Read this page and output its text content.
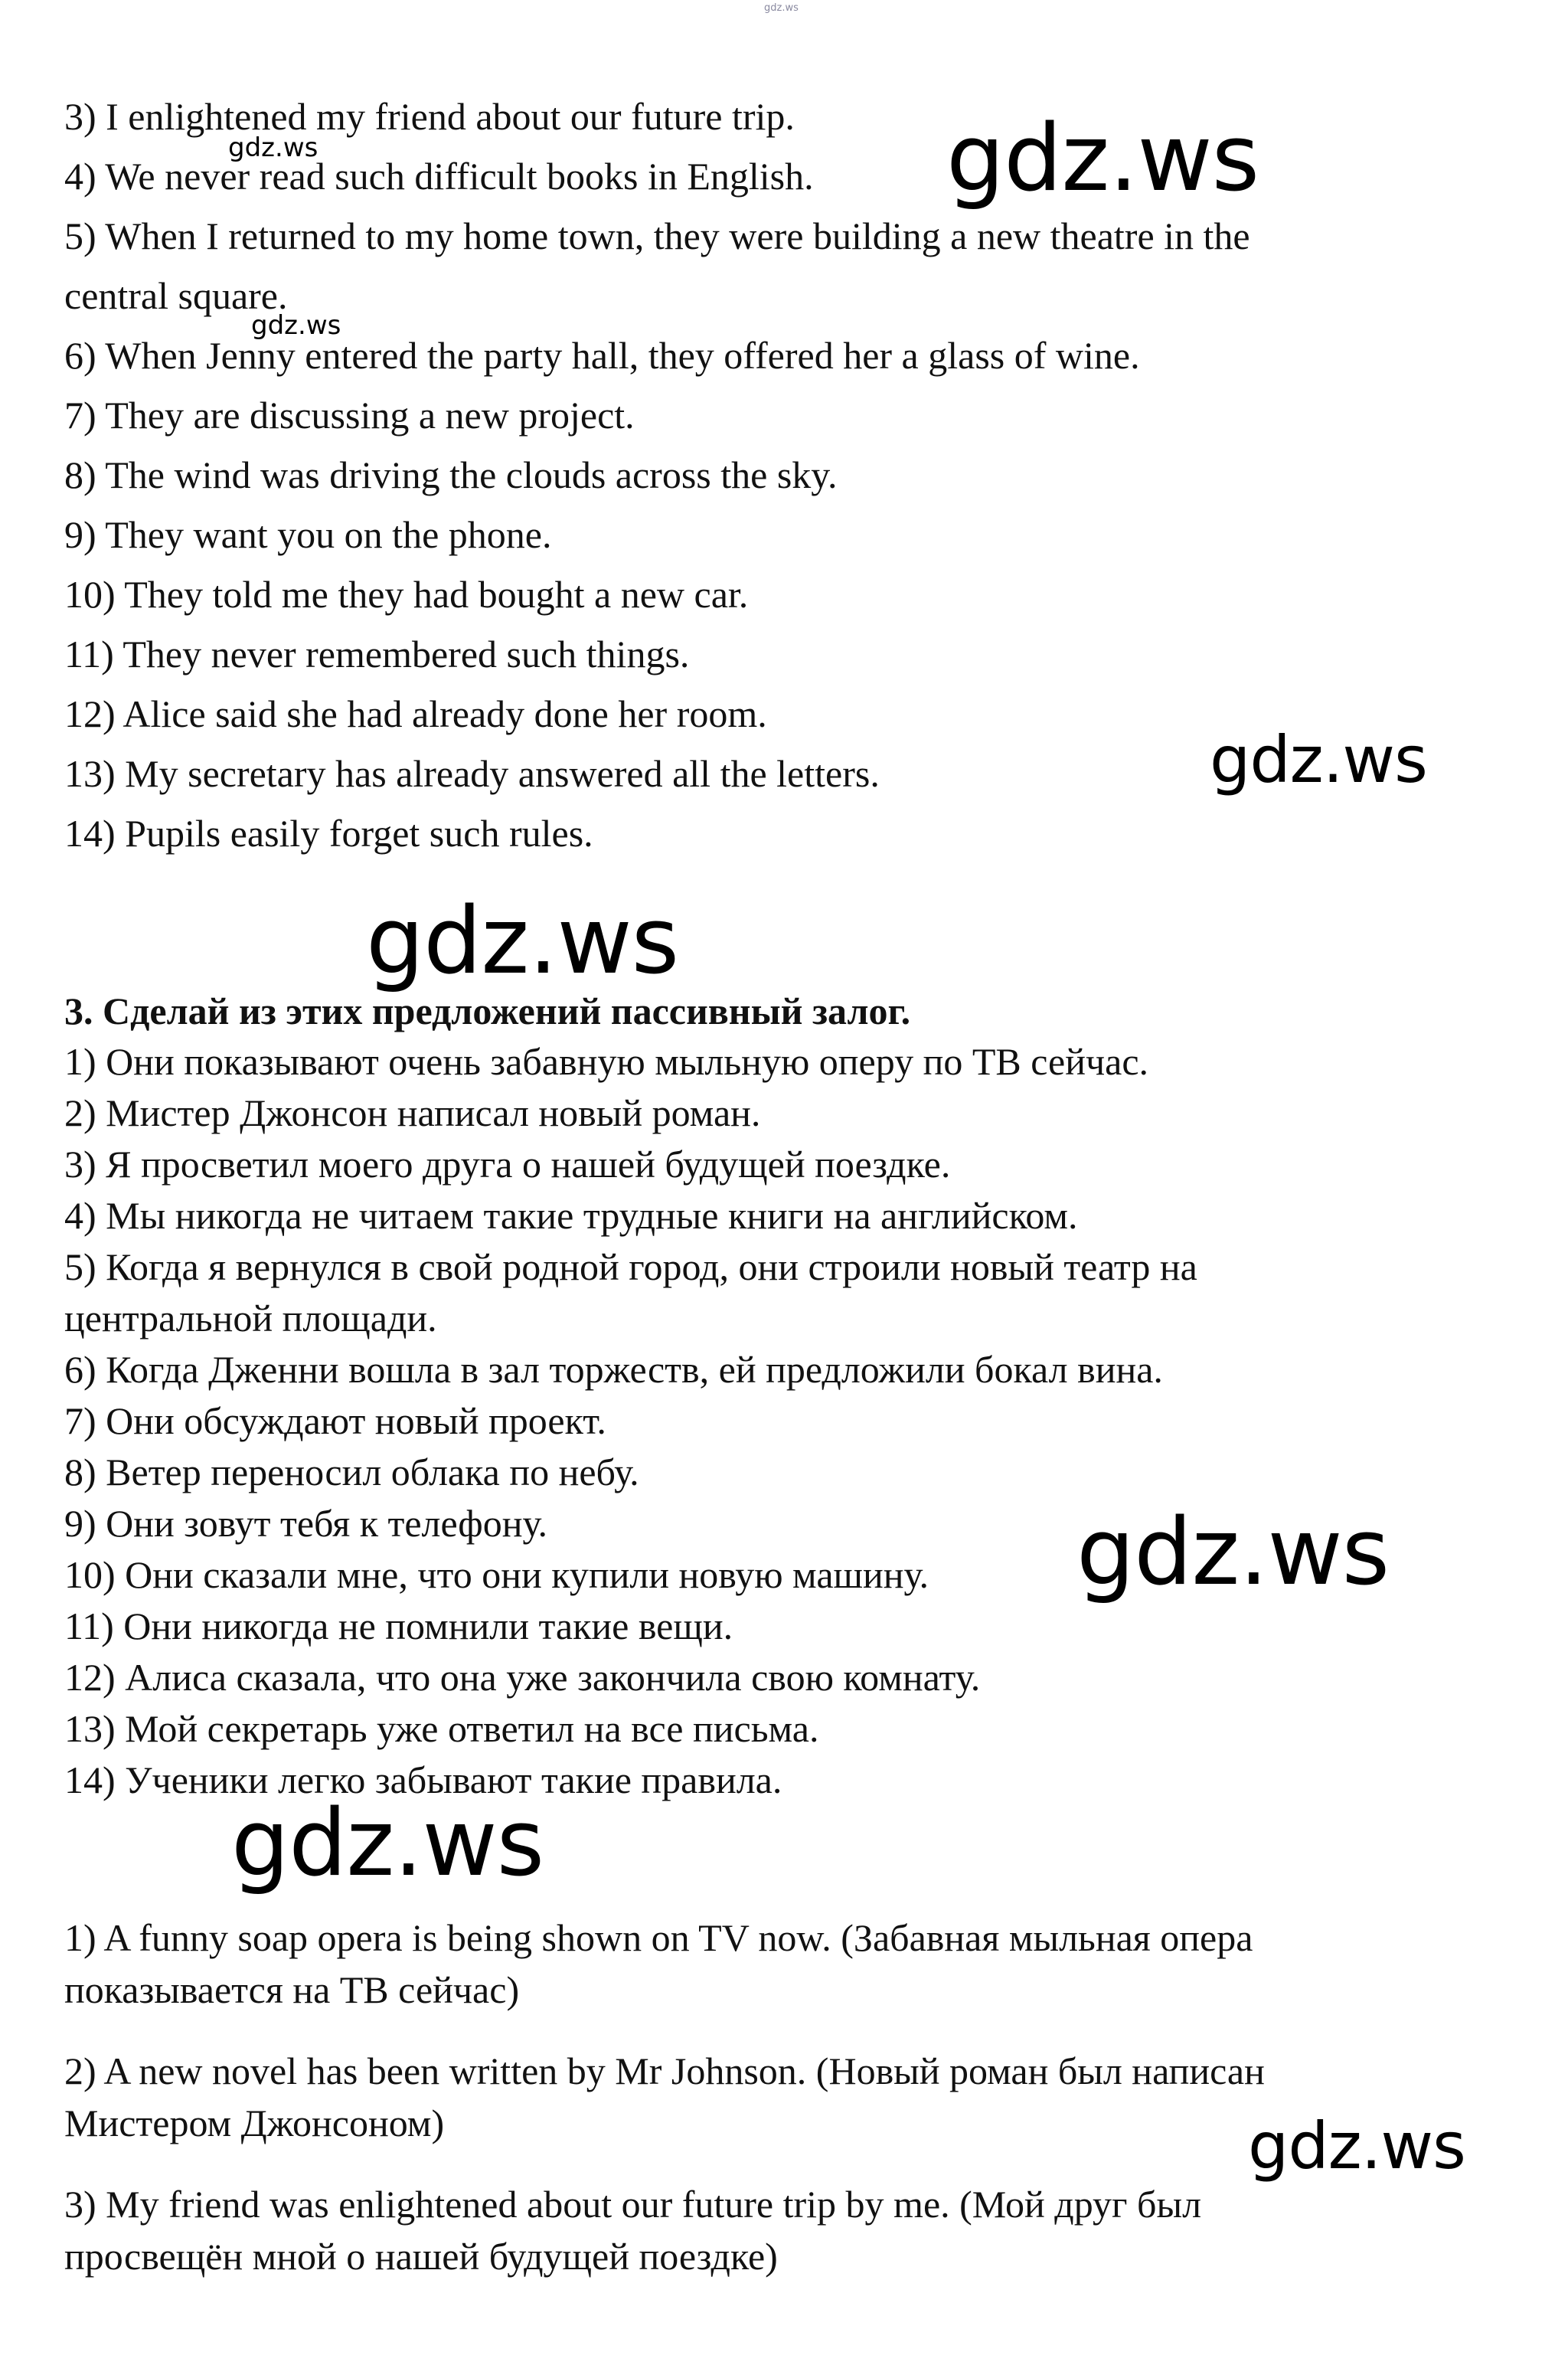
gdz.ws
3) I enlightened my friend about our future trip.
4) We never read such difficult books in English.
5) When I returned to my home town, they were building a new theatre in the
central square.
6) When Jenny entered the party hall, they offered her a glass of wine.
7) They are discussing a new project.
8) The wind was driving the clouds across the sky.
9) They want you on the phone.
10) They told me they had bought a new car.
11) They never remembered such things.
12) Alice said she had already done her room.
13) My secretary has already answered all the letters.
14) Pupils easily forget such rules.
gdz.ws	gdz.ws
gdz.ws
gdz.ws
gdz.ws
3. Сделай из этих предложений пассивный залог.
1) Они показывают очень забавную мыльную оперу по ТВ сейчас.
2) Мистер Джонсон написал новый роман.
3) Я просветил моего друга о нашей будущей поездке.
4) Мы никогда не читаем такие трудные книги на английском.
5) Когда я вернулся в свой родной город, они строили новый театр на
центральной площади.
6) Когда Дженни вошла в зал торжеств, ей предложили бокал вина.
7) Они обсуждают новый проект.
8) Ветер переносил облака по небу.
9) Они зовут тебя к телефону.
10) Они сказали мне, что они купили новую машину.
11) Они никогда не помнили такие вещи.
12) Алиса сказала, что она уже закончила свою комнату.
13) Мой секретарь уже ответил на все письма.
14) Ученики легко забывают такие правила.
gdz.ws
gdz.ws
1) A funny soap opera is being shown on TV now. (Забавная мыльная опера
показывается на ТВ сейчас)
2) A new novel has been written by Mr Johnson. (Новый роман был написан
Мистером Джонсоном)
3) My friend was enlightened about our future trip by me. (Мой друг был
просвещён мной о нашей будущей поездке)
gdz.ws
